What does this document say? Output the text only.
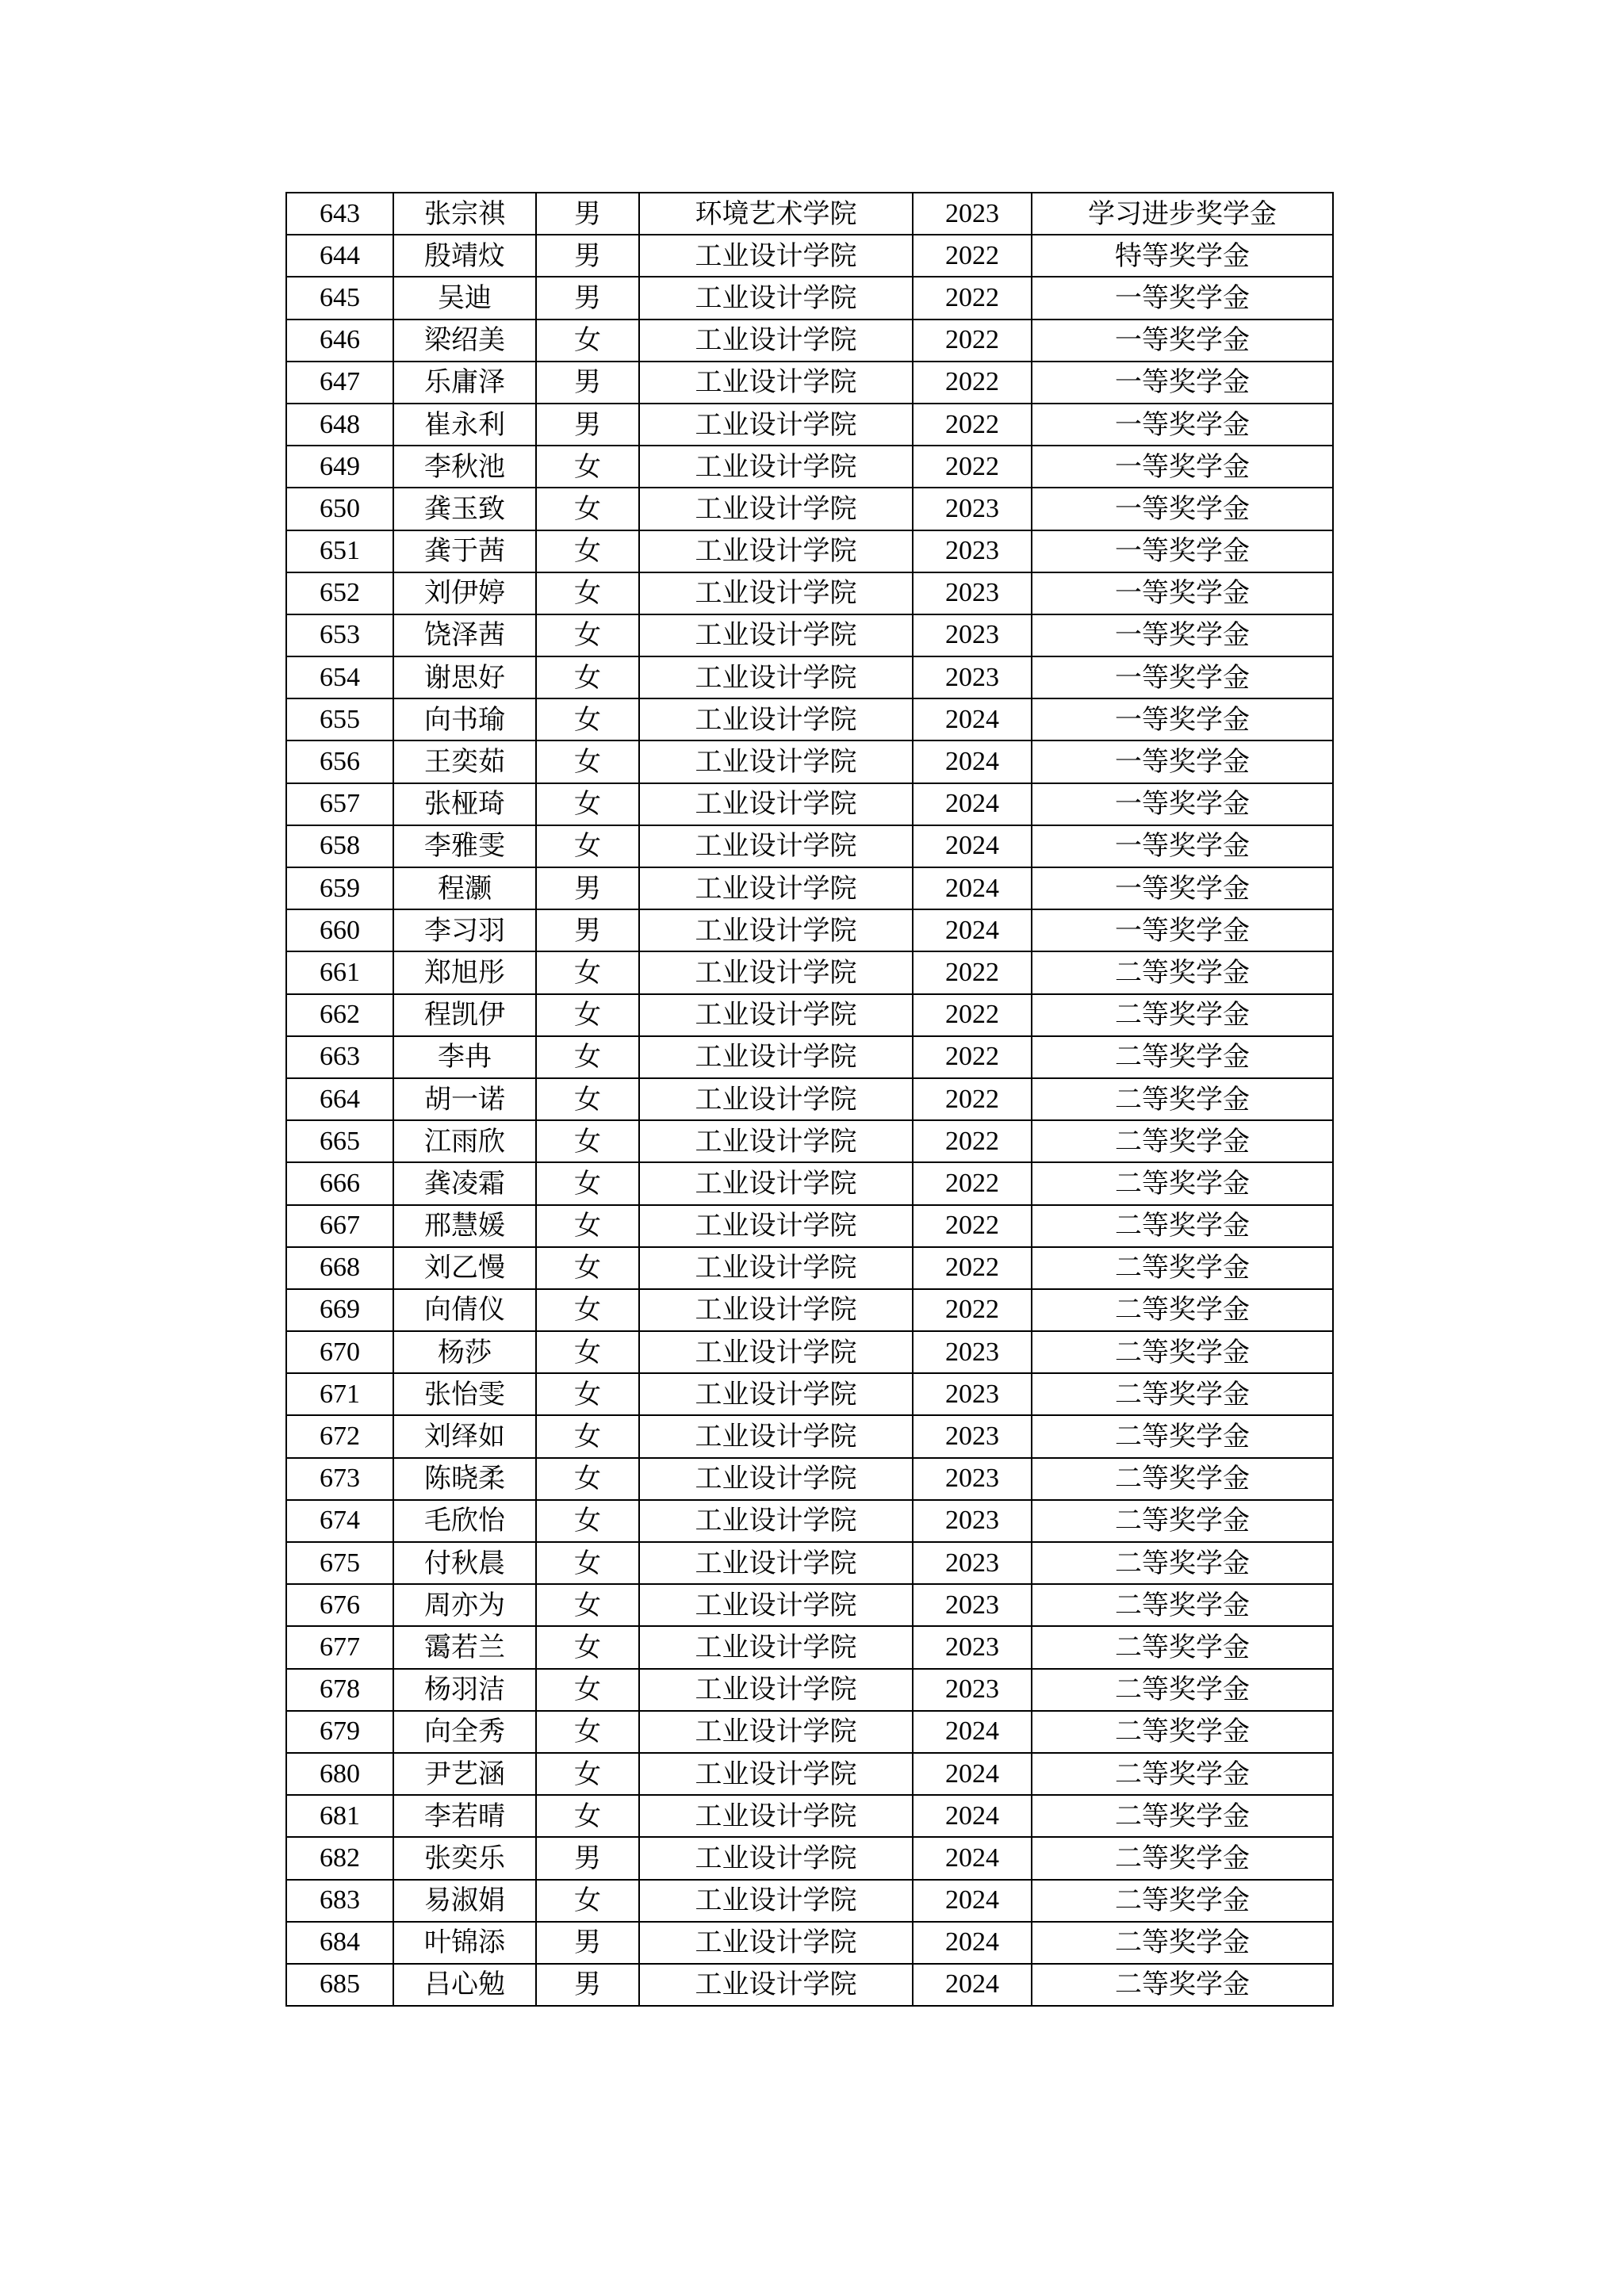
643	张宗祺	男	环境艺术学院	2023	学习进步奖学金
644	殷靖炆	男	工业设计学院	2022	特等奖学金
645	吴迪	男	工业设计学院	2022	一等奖学金
646	梁绍美	女	工业设计学院	2022	一等奖学金
647	乐庸泽	男	工业设计学院	2022	一等奖学金
648	崔永利	男	工业设计学院	2022	一等奖学金
649	李秋池	女	工业设计学院	2022	一等奖学金
650	龚玉致	女	工业设计学院	2023	一等奖学金
651	龚于茜	女	工业设计学院	2023	一等奖学金
652	刘伊婷	女	工业设计学院	2023	一等奖学金
653	饶泽茜	女	工业设计学院	2023	一等奖学金
654	谢思好	女	工业设计学院	2023	一等奖学金
655	向书瑜	女	工业设计学院	2024	一等奖学金
656	王奕茹	女	工业设计学院	2024	一等奖学金
657	张桠琦	女	工业设计学院	2024	一等奖学金
658	李雅雯	女	工业设计学院	2024	一等奖学金
659	程灏	男	工业设计学院	2024	一等奖学金
660	李习羽	男	工业设计学院	2024	一等奖学金
661	郑旭彤	女	工业设计学院	2022	二等奖学金
662	程凯伊	女	工业设计学院	2022	二等奖学金
663	李冉	女	工业设计学院	2022	二等奖学金
664	胡一诺	女	工业设计学院	2022	二等奖学金
665	江雨欣	女	工业设计学院	2022	二等奖学金
666	龚凌霜	女	工业设计学院	2022	二等奖学金
667	邢慧媛	女	工业设计学院	2022	二等奖学金
668	刘乙慢	女	工业设计学院	2022	二等奖学金
669	向倩仪	女	工业设计学院	2022	二等奖学金
670	杨莎	女	工业设计学院	2023	二等奖学金
671	张怡雯	女	工业设计学院	2023	二等奖学金
672	刘绎如	女	工业设计学院	2023	二等奖学金
673	陈晓柔	女	工业设计学院	2023	二等奖学金
674	毛欣怡	女	工业设计学院	2023	二等奖学金
675	付秋晨	女	工业设计学院	2023	二等奖学金
676	周亦为	女	工业设计学院	2023	二等奖学金
677	霭若兰	女	工业设计学院	2023	二等奖学金
678	杨羽洁	女	工业设计学院	2023	二等奖学金
679	向全秀	女	工业设计学院	2024	二等奖学金
680	尹艺涵	女	工业设计学院	2024	二等奖学金
681	李若晴	女	工业设计学院	2024	二等奖学金
682	张奕乐	男	工业设计学院	2024	二等奖学金
683	易淑娟	女	工业设计学院	2024	二等奖学金
684	叶锦添	男	工业设计学院	2024	二等奖学金
685	吕心勉	男	工业设计学院	2024	二等奖学金
